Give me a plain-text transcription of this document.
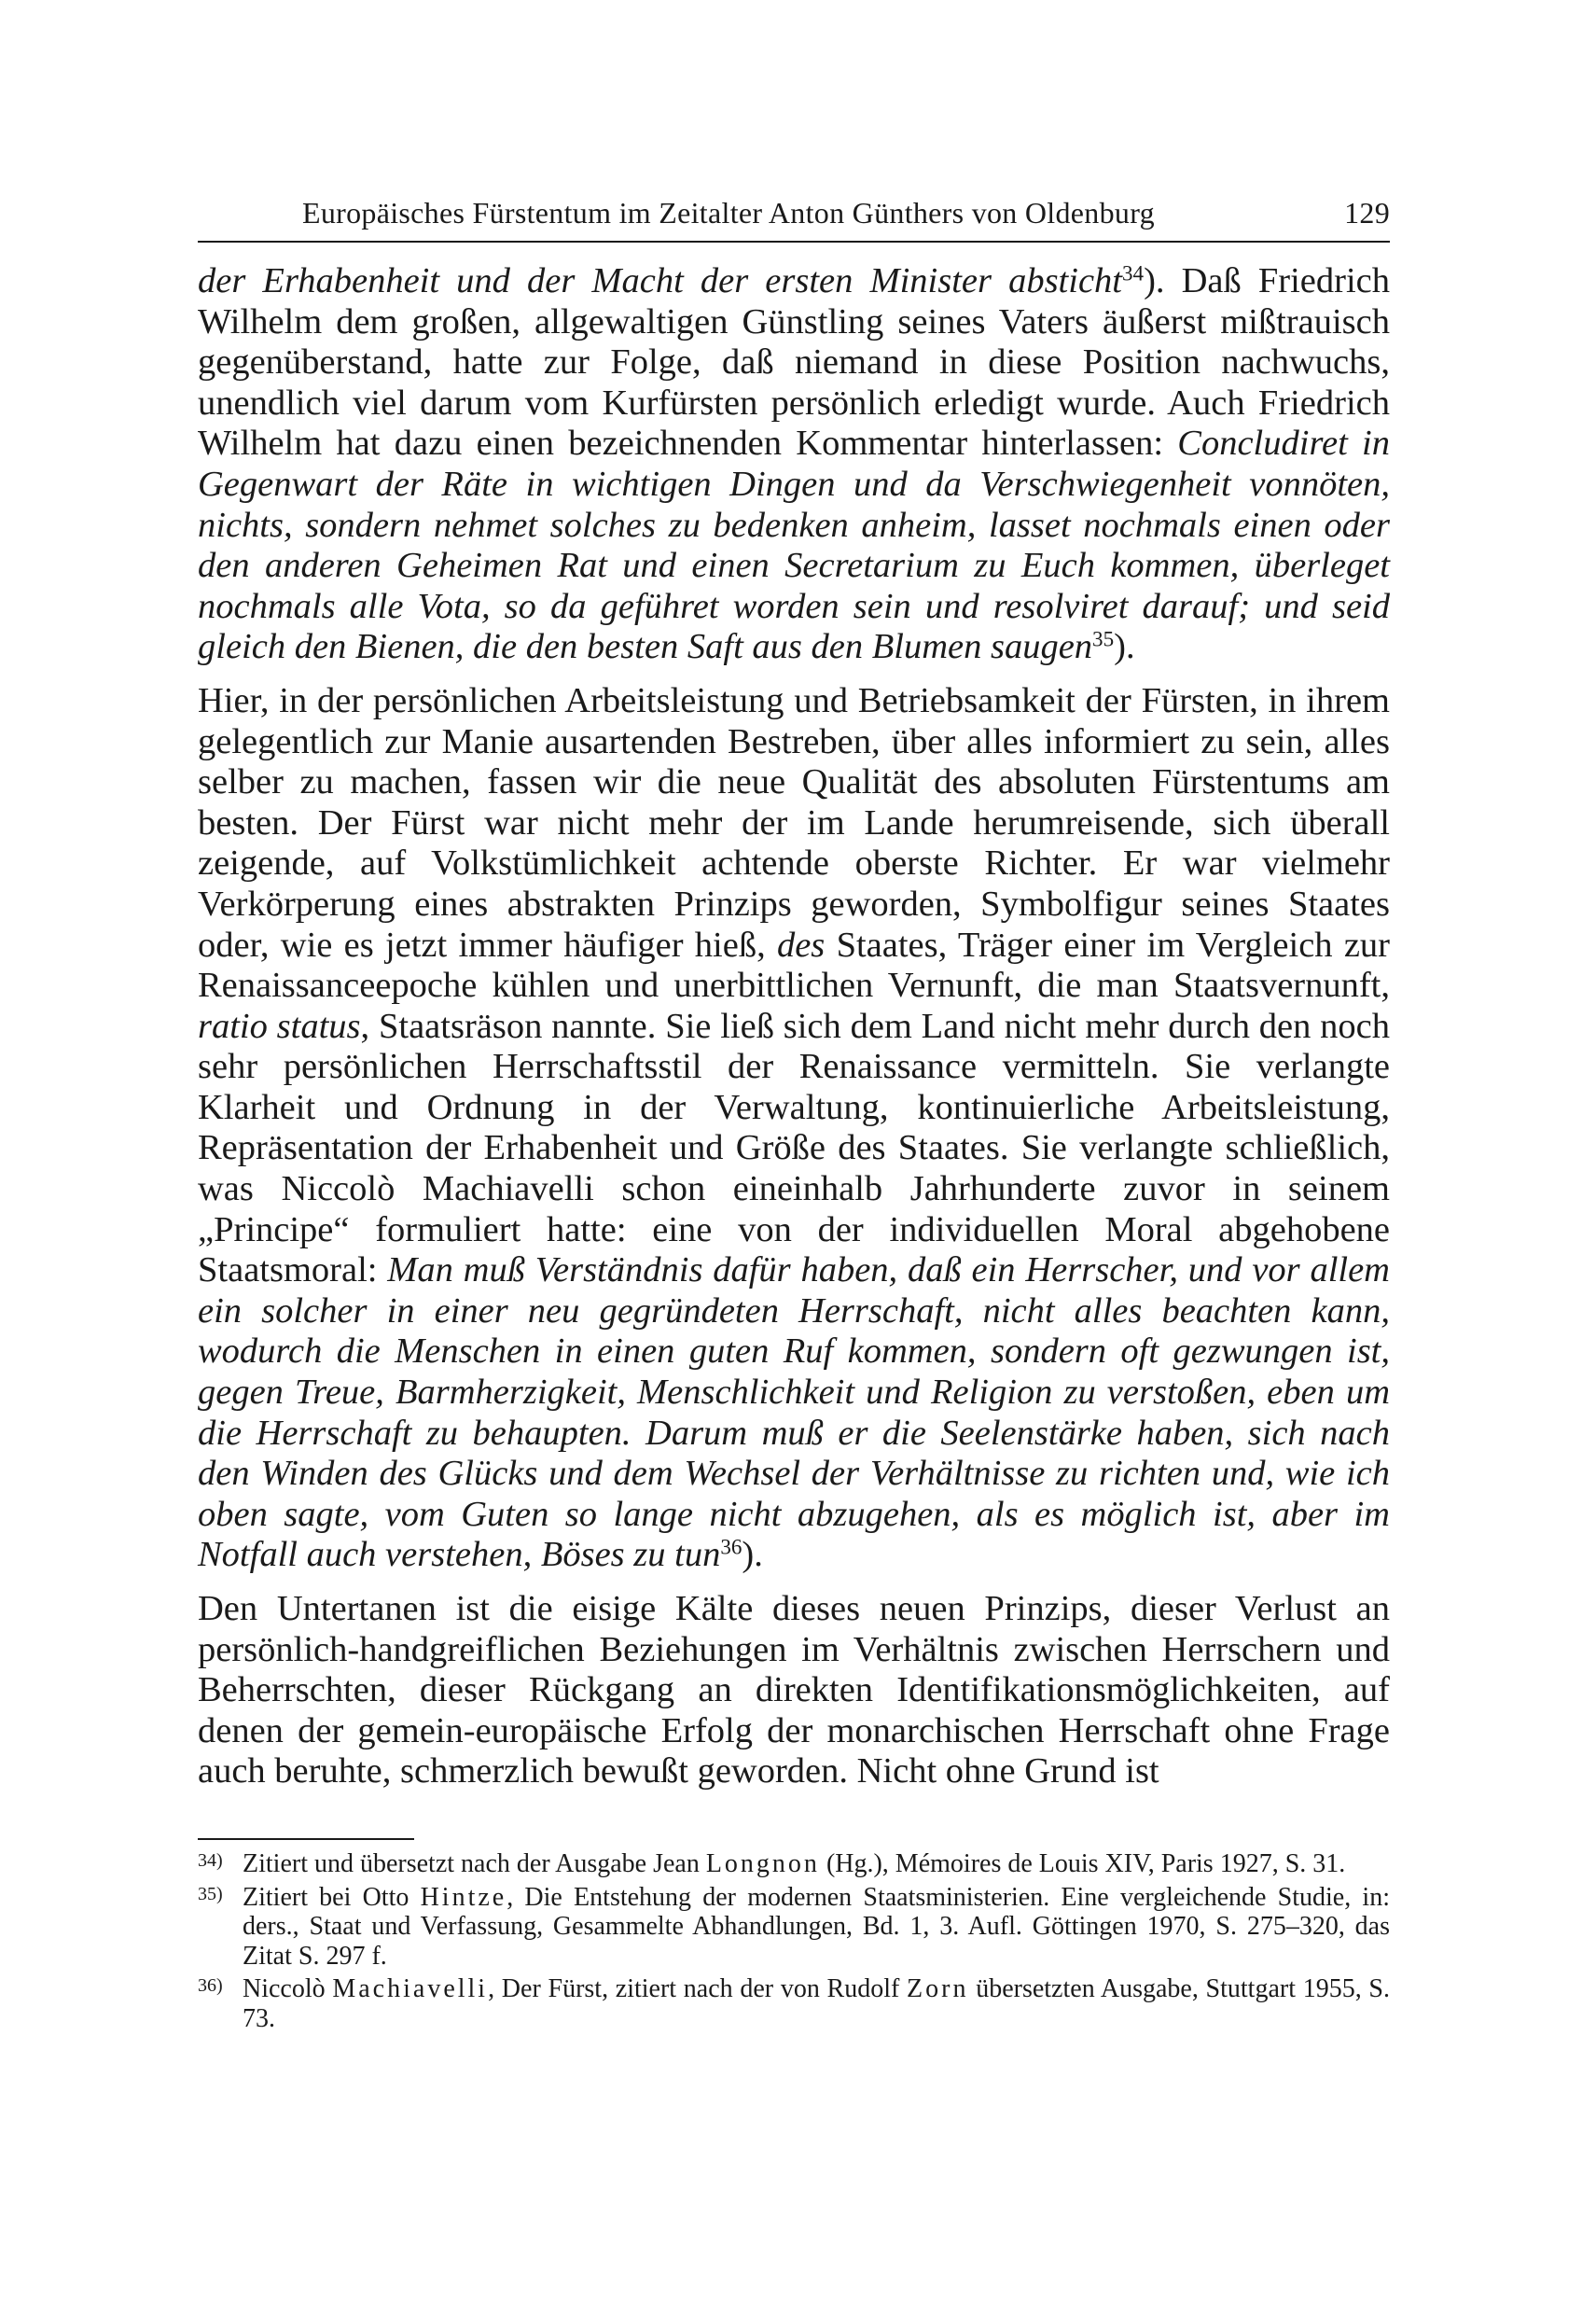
Europäisches Fürstentum im Zeitalter Anton Günthers von Oldenburg	129

der Erhabenheit und der Macht der ersten Minister absticht$^{34}$). Daß Friedrich Wilhelm dem großen, allgewaltigen Günstling seines Vaters äußerst mißtrauisch gegenüberstand, hatte zur Folge, daß niemand in diese Position nachwuchs, unendlich viel darum vom Kurfürsten persönlich erledigt wurde. Auch Friedrich Wilhelm hat dazu einen bezeichnenden Kommentar hinterlassen: Concludiret in Gegenwart der Räte in wichtigen Dingen und da Verschwiegenheit vonnöten, nichts, sondern nehmet solches zu bedenken anheim, lasset nochmals einen oder den anderen Geheimen Rat und einen Secretarium zu Euch kommen, überleget nochmals alle Vota, so da geführet worden sein und resolviret darauf; und seid gleich den Bienen, die den besten Saft aus den Blumen saugen$^{35}$).

Hier, in der persönlichen Arbeitsleistung und Betriebsamkeit der Fürsten, in ihrem gelegentlich zur Manie ausartenden Bestreben, über alles informiert zu sein, alles selber zu machen, fassen wir die neue Qualität des absoluten Fürstentums am besten. Der Fürst war nicht mehr der im Lande herumreisende, sich überall zeigende, auf Volkstümlichkeit achtende oberste Richter. Er war vielmehr Verkörperung eines abstrakten Prinzips geworden, Symbolfigur seines Staates oder, wie es jetzt immer häufiger hieß, des Staates, Träger einer im Vergleich zur Renaissanceepoche kühlen und unerbittlichen Vernunft, die man Staatsvernunft, ratio status, Staatsräson nannte. Sie ließ sich dem Land nicht mehr durch den noch sehr persönlichen Herrschaftsstil der Renaissance vermitteln. Sie verlangte Klarheit und Ordnung in der Verwaltung, kontinuierliche Arbeitsleistung, Repräsentation der Erhabenheit und Größe des Staates. Sie verlangte schließlich, was Niccolò Machiavelli schon eineinhalb Jahrhunderte zuvor in seinem „Principe“ formuliert hatte: eine von der individuellen Moral abgehobene Staatsmoral: Man muß Verständnis dafür haben, daß ein Herrscher, und vor allem ein solcher in einer neu gegründeten Herrschaft, nicht alles beachten kann, wodurch die Menschen in einen guten Ruf kommen, sondern oft gezwungen ist, gegen Treue, Barmherzigkeit, Menschlichkeit und Religion zu verstoßen, eben um die Herrschaft zu behaupten. Darum muß er die Seelenstärke haben, sich nach den Winden des Glücks und dem Wechsel der Verhältnisse zu richten und, wie ich oben sagte, vom Guten so lange nicht abzugehen, als es möglich ist, aber im Notfall auch verstehen, Böses zu tun$^{36}$).

Den Untertanen ist die eisige Kälte dieses neuen Prinzips, dieser Verlust an persönlich-handgreiflichen Beziehungen im Verhältnis zwischen Herrschern und Beherrschten, dieser Rückgang an direkten Identifikationsmöglichkeiten, auf denen der gemein-europäische Erfolg der monarchischen Herrschaft ohne Frage auch beruhte, schmerzlich bewußt geworden. Nicht ohne Grund ist

34) Zitiert und übersetzt nach der Ausgabe Jean Longnon (Hg.), Mémoires de Louis XIV, Paris 1927, S. 31.
35) Zitiert bei Otto Hintze, Die Entstehung der modernen Staatsministerien. Eine vergleichende Studie, in: ders., Staat und Verfassung, Gesammelte Abhandlungen, Bd. 1, 3. Aufl. Göttingen 1970, S. 275–320, das Zitat S. 297 f.
36) Niccolò Machiavelli, Der Fürst, zitiert nach der von Rudolf Zorn übersetzten Ausgabe, Stuttgart 1955, S. 73.
